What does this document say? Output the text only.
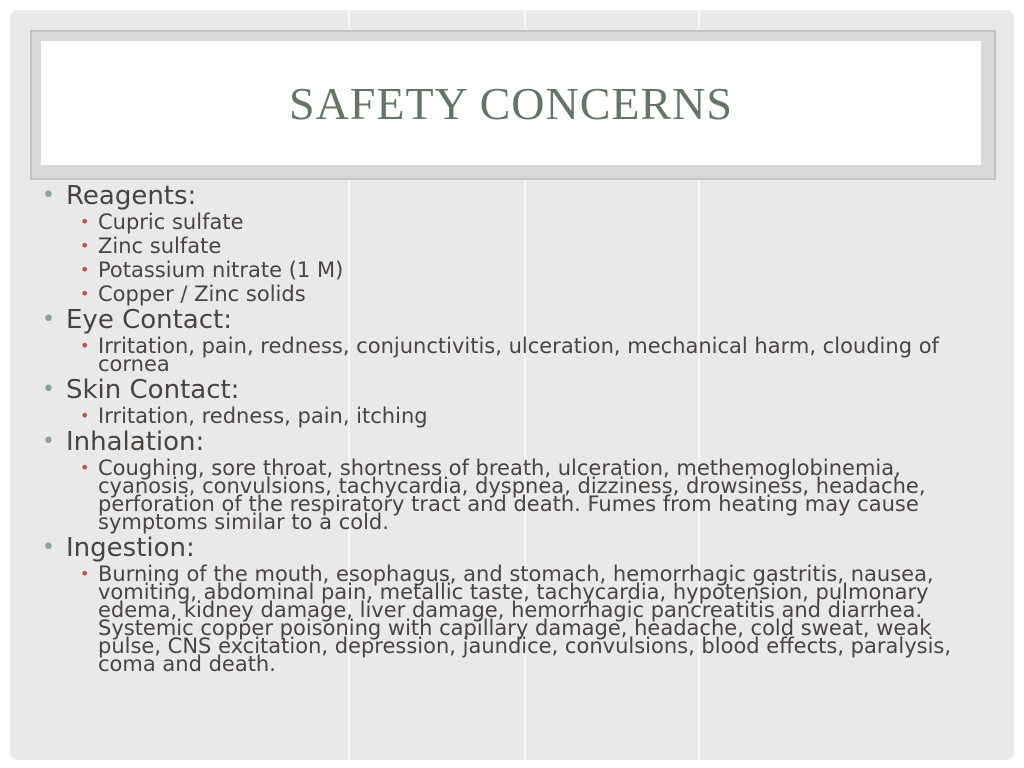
SAFETY CONCERNS
• Reagents:
• Cupric sulfate
• Zinc sulfate
• Potassium nitrate (1 M)
• Copper / Zinc solids
• Eye Contact:
• Irritation, pain, redness, conjunctivitis, ulceration, mechanical harm, clouding of cornea
• Skin Contact:
• Irritation, redness, pain, itching
• Inhalation:
• Coughing, sore throat, shortness of breath, ulceration, methemoglobinemia, cyanosis, convulsions, tachycardia, dyspnea, dizziness, drowsiness, headache, perforation of the respiratory tract and death. Fumes from heating may cause symptoms similar to a cold.
• Ingestion:
• Burning of the mouth, esophagus, and stomach, hemorrhagic gastritis, nausea, vomiting, abdominal pain, metallic taste, tachycardia, hypotension, pulmonary edema, kidney damage, liver damage, hemorrhagic pancreatitis and diarrhea. Systemic copper poisoning with capillary damage, headache, cold sweat, weak pulse, CNS excitation, depression, jaundice, convulsions, blood effects, paralysis, coma and death.
